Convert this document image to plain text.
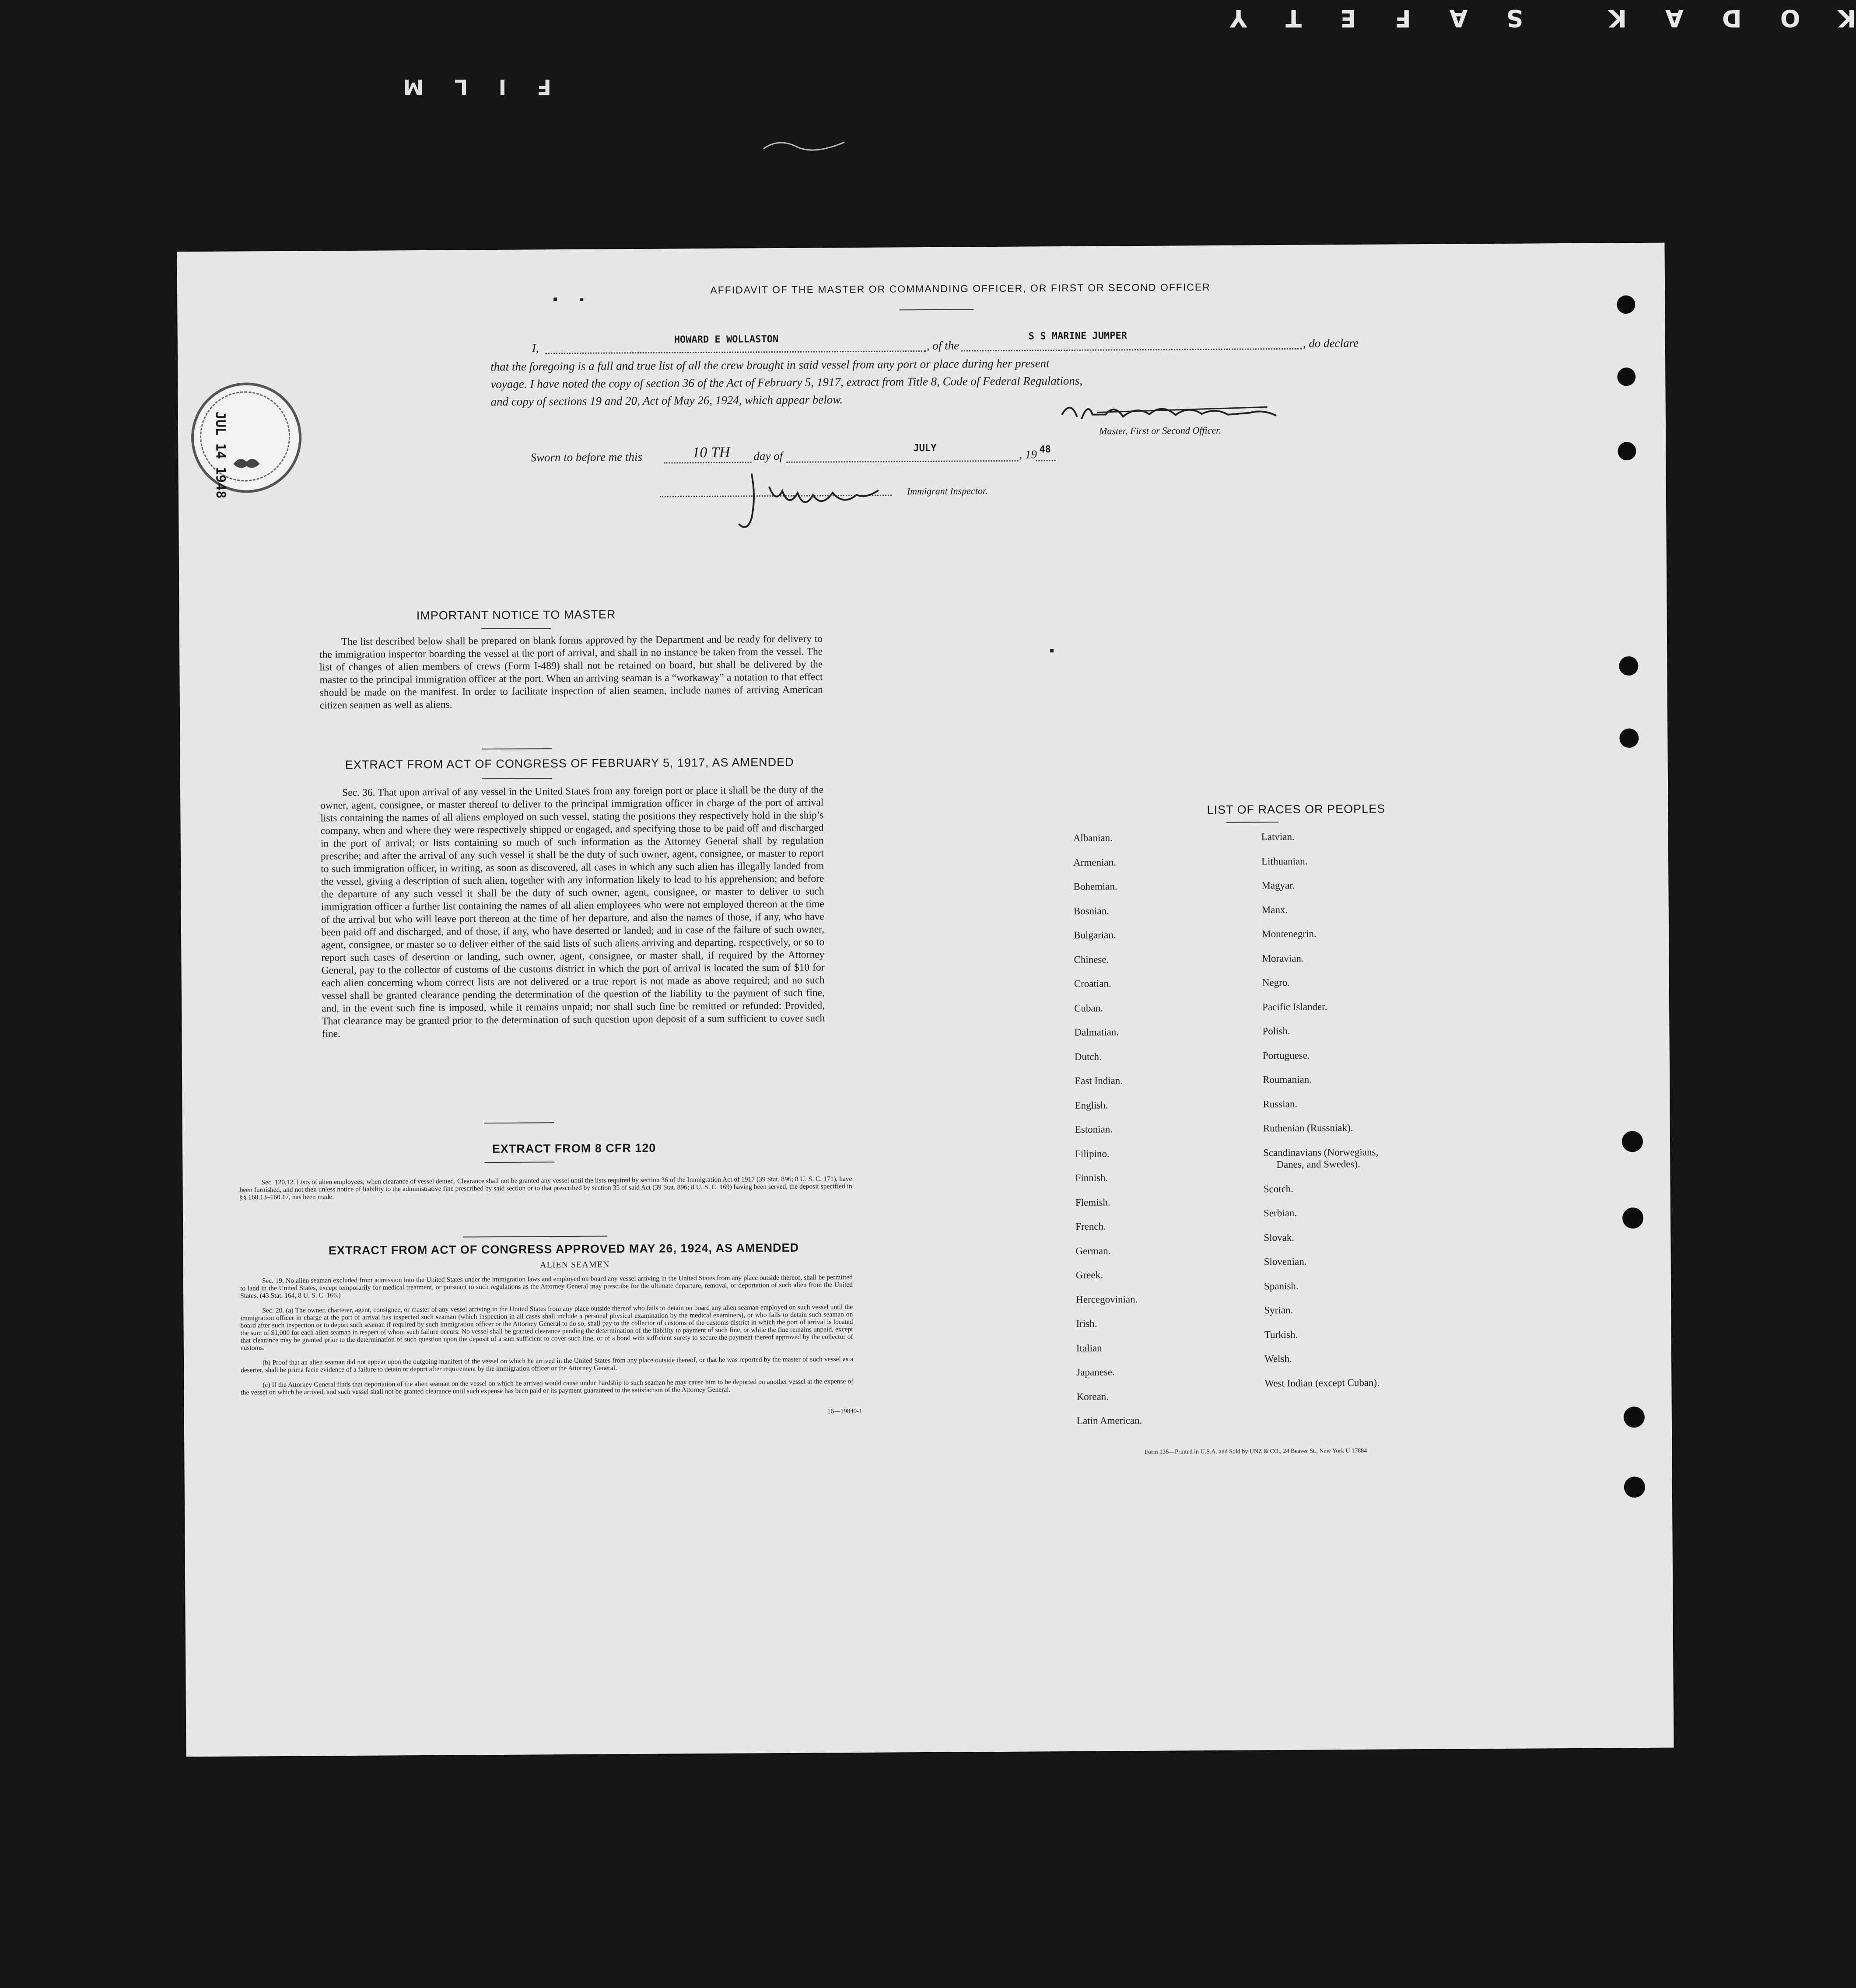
KODAK SAFETY
FILM
AFFIDAVIT OF THE MASTER OR COMMANDING OFFICER, OR FIRST OR SECOND OFFICER
I,
HOWARD E WOLLASTON	, of the
S S MARINE JUMPER
, do declare
that the foregoing is a full and true list of all the crew brought in said vessel from any port or place during her present
voyage. I have noted the copy of section 36 of the Act of February 5, 1917, extract from Title 8, Code of Federal Regulations,
and copy of sections 19 and 20, Act of May 26, 1924, which appear below.
Master, First or Second Officer.
Sworn to before me this	10 TH day of
JULY	, 19 48
Immigrant Inspector.
JUL 14 1948
IMPORTANT NOTICE TO MASTER
The list described below shall be prepared on blank forms approved by the Department and be ready for delivery to the immigration inspector boarding the vessel at the port of arrival, and shall in no instance be taken from the vessel. The list of changes of alien members of crews (Form I-489) shall not be retained on board, but shall be delivered by the master to the principal immigration officer at the port. When an arriving seaman is a “workaway” a notation to that effect should be made on the manifest. In order to facilitate inspection of alien seamen, include names of arriving American citizen seamen as well as aliens.
EXTRACT FROM ACT OF CONGRESS OF FEBRUARY 5, 1917, AS AMENDED
Sec. 36. That upon arrival of any vessel in the United States from any foreign port or place it shall be the duty of the owner, agent, consignee, or master thereof to deliver to the principal immigration officer in charge of the port of arrival lists containing the names of all aliens employed on such vessel, stating the positions they respectively hold in the ship’s company, when and where they were respectively shipped or engaged, and specifying those to be paid off and discharged in the port of arrival; or lists containing so much of such information as the Attorney General shall by regulation prescribe; and after the arrival of any such vessel it shall be the duty of such owner, agent, consignee, or master to report to such immigration officer, in writing, as soon as discovered, all cases in which any such alien has illegally landed from the vessel, giving a description of such alien, together with any information likely to lead to his apprehension; and before the departure of any such vessel it shall be the duty of such owner, agent, consignee, or master to deliver to such immigration officer a further list containing the names of all alien employees who were not employed thereon at the time of the arrival but who will leave port thereon at the time of her departure, and also the names of those, if any, who have been paid off and discharged, and of those, if any, who have deserted or landed; and in case of the failure of such owner, agent, consignee, or master so to deliver either of the said lists of such aliens arriving and departing, respectively, or so to report such cases of desertion or landing, such owner, agent, consignee, or master shall, if required by the Attorney General, pay to the collector of customs of the customs district in which the port of arrival is located the sum of $10 for each alien concerning whom correct lists are not delivered or a true report is not made as above required; and no such vessel shall be granted clearance pending the determination of the question of the liability to the payment of such fine, and, in the event such fine is imposed, while it remains unpaid; nor shall such fine be remitted or refunded: Provided, That clearance may be granted prior to the determination of such question upon deposit of a sum sufficient to cover such fine.
EXTRACT FROM 8 CFR 120
Sec. 120.12. Lists of alien employees; when clearance of vessel denied. Clearance shall not be granted any vessel until the lists required by section 36 of the Immigration Act of 1917 (39 Stat. 896; 8 U. S. C. 171), have been furnished, and not then unless notice of liability to the administrative fine prescribed by said section or to that prescribed by section 35 of said Act (39 Stat. 896; 8 U. S. C. 169) having been served, the deposit specified in §§ 160.13–160.17, has been made.
EXTRACT FROM ACT OF CONGRESS APPROVED MAY 26, 1924, AS AMENDED
ALIEN SEAMEN
Sec. 19. No alien seaman excluded from admission into the United States under the immigration laws and employed on board any vessel arriving in the United States from any place outside thereof, shall be permitted to land in the United States, except temporarily for medical treatment, or pursuant to such regulations as the Attorney General may prescribe for the ultimate departure, removal, or deportation of such alien from the United States. (43 Stat. 164, 8 U. S. C. 166.)
Sec. 20. (a) The owner, charterer, agent, consignee, or master of any vessel arriving in the United States from any place outside thereof who fails to detain on board any alien seaman employed on such vessel until the immigration officer in charge at the port of arrival has inspected such seaman (which inspection in all cases shall include a personal physical examination by the medical examiners), or who fails to detain such seaman on board after such inspection or to deport such seaman if required by such immigration officer or the Attorney General to do so, shall pay to the collector of customs of the customs district in which the port of arrival is located the sum of $1,000 for each alien seaman in respect of whom such failure occurs. No vessel shall be granted clearance pending the determination of the liability to payment of such fine, or while the fine remains unpaid, except that clearance may be granted prior to the determination of such question upon the deposit of a sum sufficient to cover such fine, or of a bond with sufficient surety to secure the payment thereof approved by the collector of customs.
(b) Proof that an alien seaman did not appear upon the outgoing manifest of the vessel on which he arrived in the United States from any place outside thereof, or that he was reported by the master of such vessel as a deserter, shall be prima facie evidence of a failure to detain or deport after requirement by the immigration officer or the Attorney General.
(c) If the Attorney General finds that deportation of the alien seaman on the vessel on which he arrived would cause undue hardship to such seaman he may cause him to be deported on another vessel at the expense of the vessel on which he arrived, and such vessel shall not be granted clearance until such expense has been paid or its payment guaranteed to the satisfaction of the Attorney General.
16—19849-1
LIST OF RACES OR PEOPLES
Albanian.
Armenian.
Bohemian.
Bosnian.
Bulgarian.
Chinese.
Croatian.
Cuban.
Dalmatian.
Dutch.
East Indian.
English.
Estonian.
Filipino.
Finnish.
Flemish.
French.
German.
Greek.
Hercegovinian.
Irish.
Italian
Japanese.
Korean.
Latin American.
Latvian.
Lithuanian.
Magyar.
Manx.
Montenegrin.
Moravian.
Negro.
Pacific Islander.
Polish.
Portuguese.
Roumanian.
Russian.
Ruthenian (Russniak).
Scandinavians (Norwegians,
Danes, and Swedes).
Scotch.
Serbian.
Slovak.
Slovenian.
Spanish.
Syrian.
Turkish.
Welsh.
West Indian (except Cuban).
Form 136—Printed in U.S.A. and Sold by UNZ & CO., 24 Beaver St., New York U 17884
